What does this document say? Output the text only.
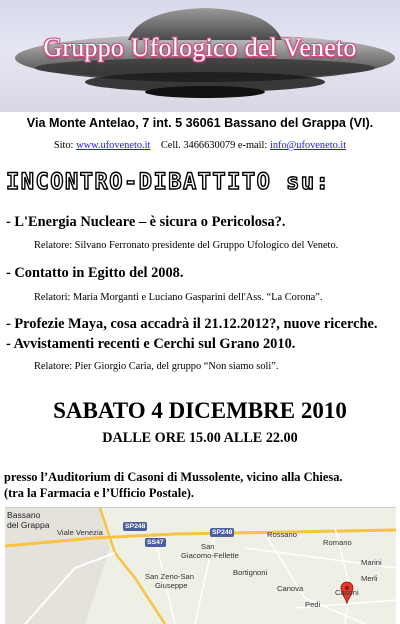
Gruppo Ufologico del Veneto
Via Monte Antelao, 7 int. 5 36061 Bassano del Grappa (VI).
Sito: www.ufoveneto.it Cell. 3466630079 e-mail: info@ufoveneto.it
INCONTRO-DIBATTITO su:
- L'Energia Nucleare – è sicura o Pericolosa?.
Relatore: Silvano Ferronato presidente del Gruppo Ufologico del Veneto.
- Contatto in Egitto del 2008.
Relatori: Maria Morganti e Luciano Gasparini dell'Ass. “La Corona”.
- Profezie Maya, cosa accadrà il 21.12.2012?, nuove ricerche.
- Avvistamenti recenti e Cerchi sul Grano 2010.
Relatore: Pier Giorgio Caria, del gruppo “Non siamo soli”.
SABATO 4 DICEMBRE 2010
DALLE ORE 15.00 ALLE 22.00
presso l’Auditorium di Casoni di Mussolente, vicino alla Chiesa.
(tra la Farmacia e l’Ufficio Postale).
Bassano
del Grappa
Viale Venezia
SP248
SS47
SP248	Rossano
San
Giacomo-Fellette
Romano
Bortignoni
San Zeno-San
Giuseppe
Marini
Merli
Canova	Casoni
Pedi
